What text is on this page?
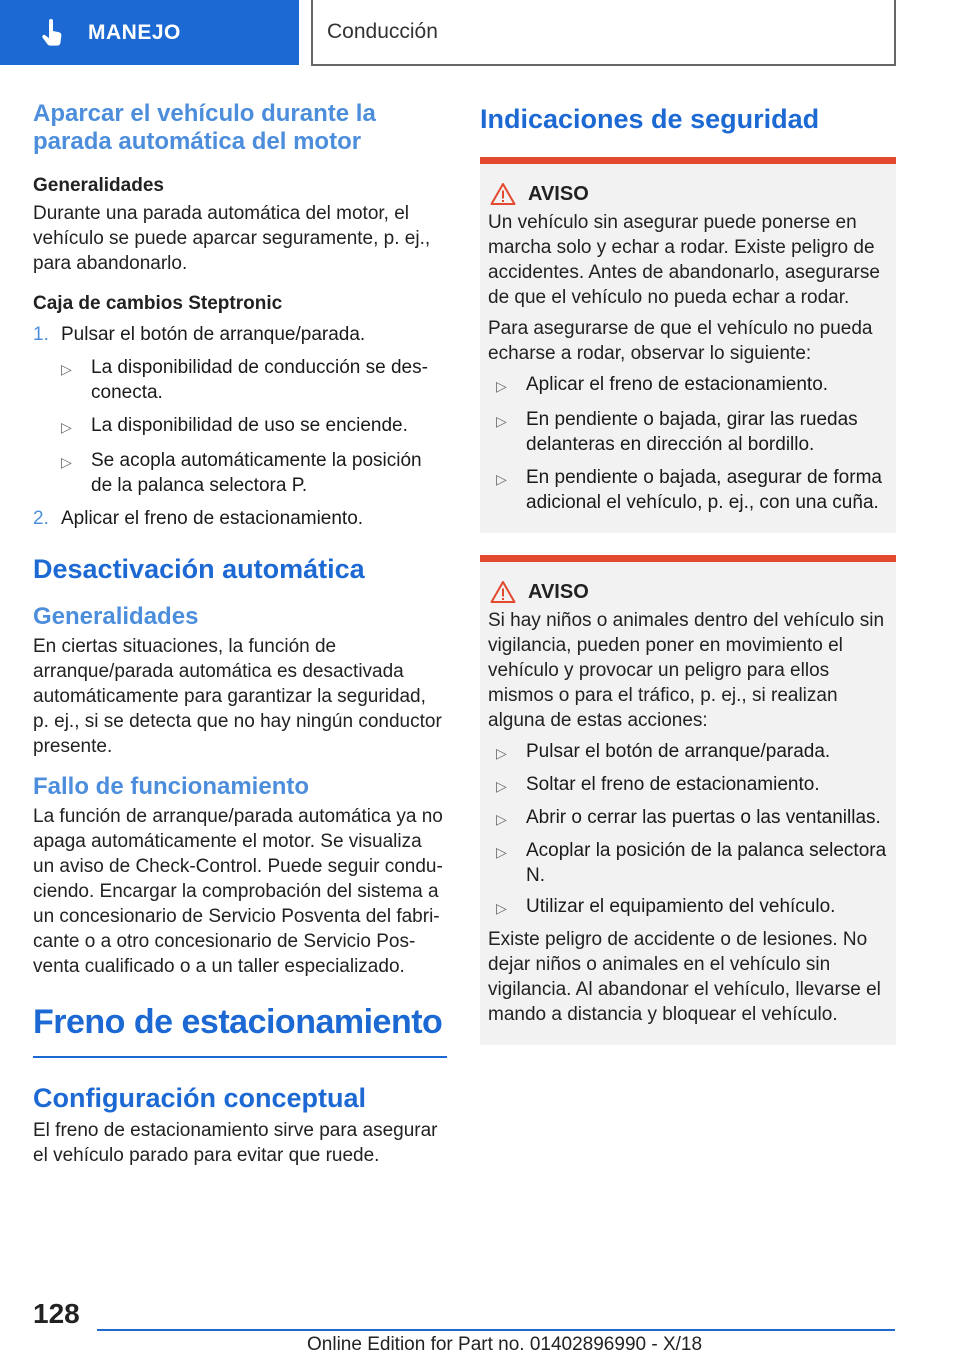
MANEJO	Conducción
Aparcar el vehículo durante la parada automática del motor
Generalidades
Durante una parada automática del motor, el vehículo se puede aparcar seguramente, p. ej., para abandonarlo.
Caja de cambios Steptronic
1. Pulsar el botón de arranque/parada.
▷	La disponibilidad de conducción se desconecta.
▷	La disponibilidad de uso se enciende.
▷	Se acopla automáticamente la posición de la palanca selectora P.
2. Aplicar el freno de estacionamiento.
Desactivación automática
Generalidades
En ciertas situaciones, la función de arranque/parada automática es desactivada automáticamente para garantizar la seguridad, p. ej., si se detecta que no hay ningún conductor presente.
Fallo de funcionamiento
La función de arranque/parada automática ya no apaga automáticamente el motor. Se visualiza un aviso de Check-Control. Puede seguir conduciendo. Encargar la comprobación del sistema a un concesionario de Servicio Posventa del fabricante o a otro concesionario de Servicio Posventa cualificado o a un taller especializado.
Freno de estacionamiento
Configuración conceptual
El freno de estacionamiento sirve para asegurar el vehículo parado para evitar que ruede.
Indicaciones de seguridad
AVISO
Un vehículo sin asegurar puede ponerse en marcha solo y echar a rodar. Existe peligro de accidentes. Antes de abandonarlo, asegurarse de que el vehículo no pueda echar a rodar.
Para asegurarse de que el vehículo no pueda echarse a rodar, observar lo siguiente:
▷	Aplicar el freno de estacionamiento.
▷	En pendiente o bajada, girar las ruedas delanteras en dirección al bordillo.
▷	En pendiente o bajada, asegurar de forma adicional el vehículo, p. ej., con una cuña.
AVISO
Si hay niños o animales dentro del vehículo sin vigilancia, pueden poner en movimiento el vehículo y provocar un peligro para ellos mismos o para el tráfico, p. ej., si realizan alguna de estas acciones:
▷	Pulsar el botón de arranque/parada.
▷	Soltar el freno de estacionamiento.
▷	Abrir o cerrar las puertas o las ventanillas.
▷	Acoplar la posición de la palanca selectora N.
▷	Utilizar el equipamiento del vehículo.
Existe peligro de accidente o de lesiones. No dejar niños o animales en el vehículo sin vigilancia. Al abandonar el vehículo, llevarse el mando a distancia y bloquear el vehículo.
128
Online Edition for Part no. 01402896990 - X/18
